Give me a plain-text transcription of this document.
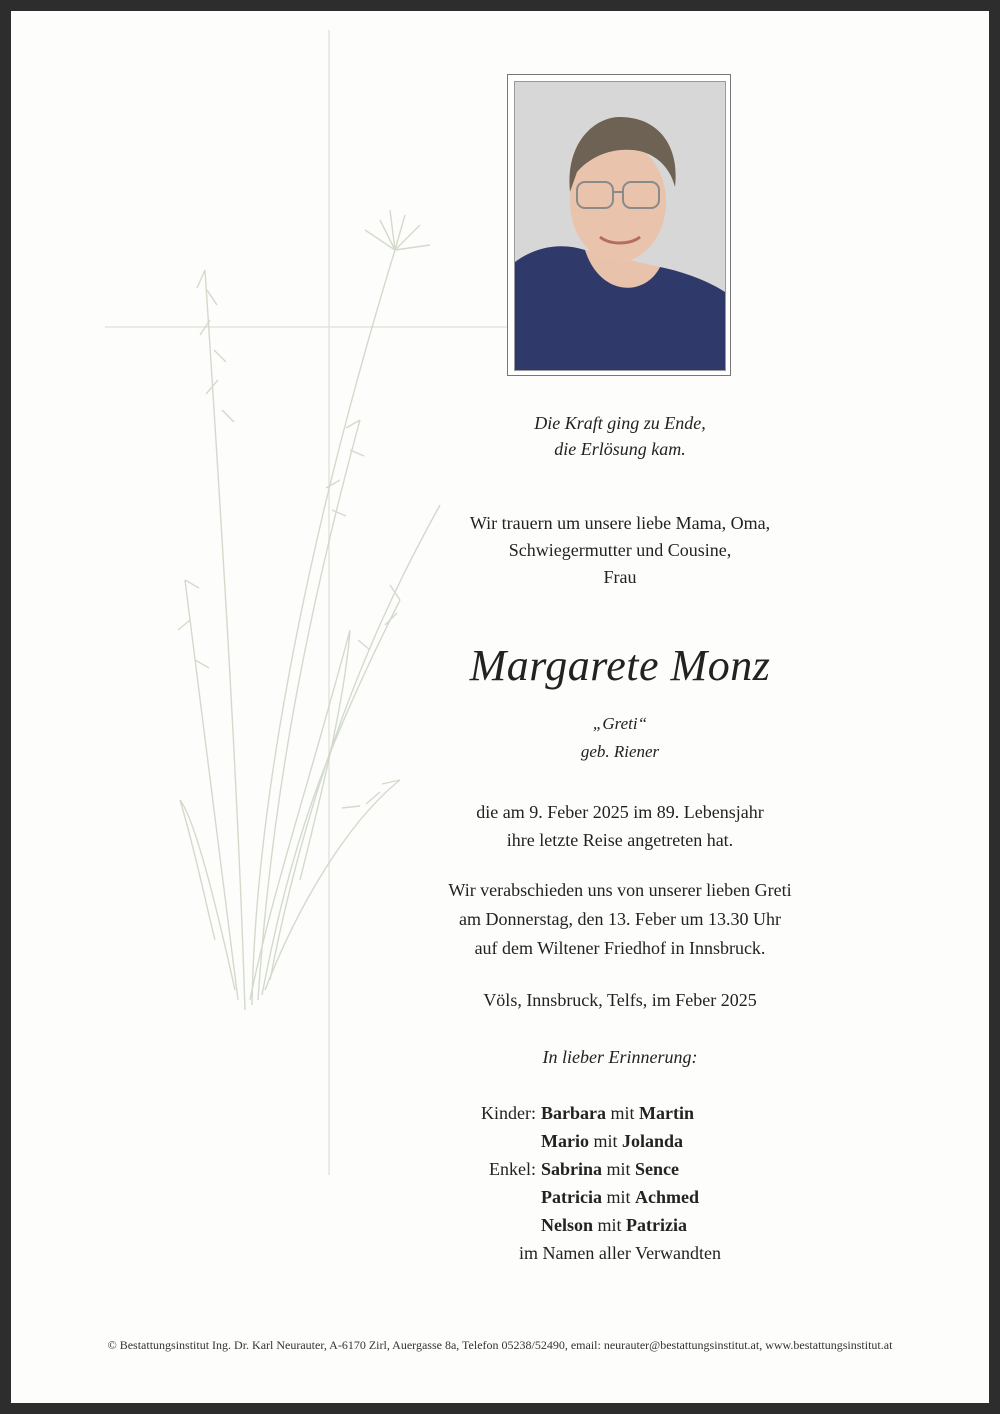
Die Kraft ging zu Ende,
die Erlösung kam.
Wir trauern um unsere liebe Mama, Oma,
Schwiegermutter und Cousine,
Frau
Margarete Monz
„Greti“
geb. Riener
die am 9. Feber 2025 im 89. Lebensjahr
ihre letzte Reise angetreten hat.
Wir verabschieden uns von unserer lieben Greti
am Donnerstag, den 13. Feber um 13.30 Uhr
auf dem Wiltener Friedhof in Innsbruck.
Völs, Innsbruck, Telfs, im Feber 2025
In lieber Erinnerung:
Kinder: Barbara mit Martin
Mario mit Jolanda
Enkel: Sabrina mit Sence
Patricia mit Achmed
Nelson mit Patrizia
im Namen aller Verwandten
© Bestattungsinstitut Ing. Dr. Karl Neurauter, A-6170 Zirl, Auergasse 8a, Telefon 05238/52490, email: neurauter@bestattungsinstitut.at, www.bestattungsinstitut.at
